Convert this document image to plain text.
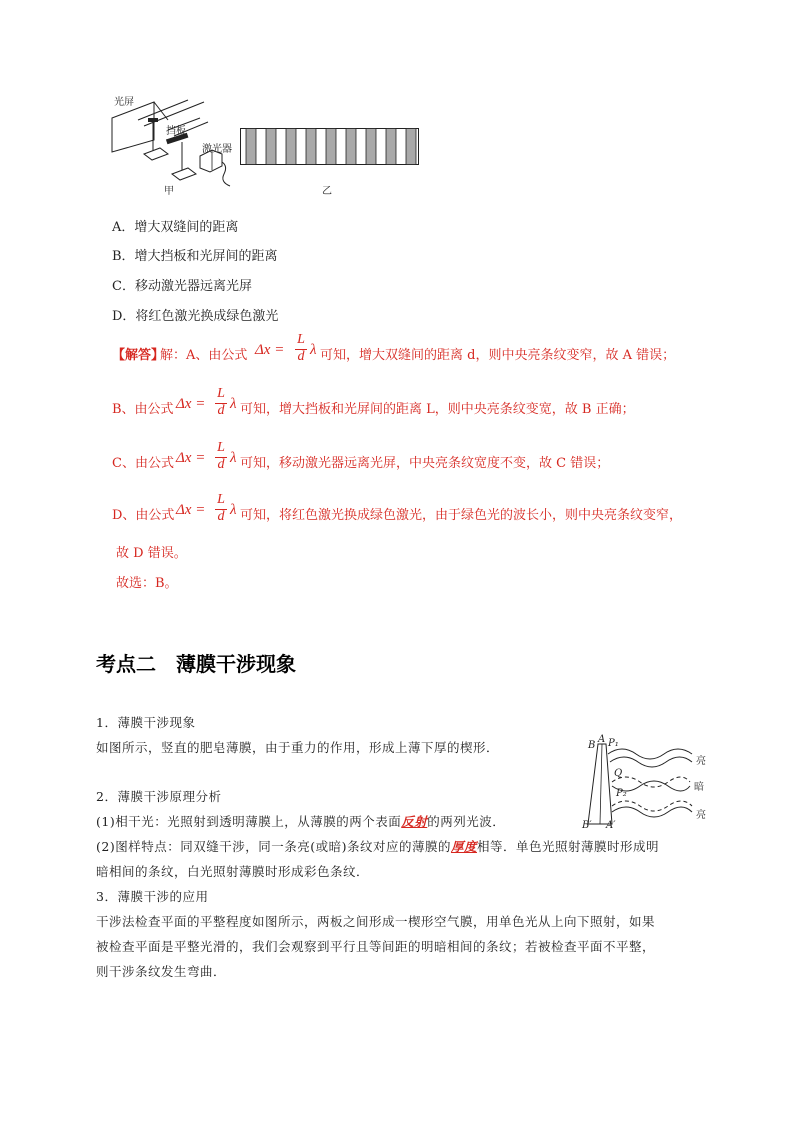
光屏
挡板
激光器
甲	乙
A．增大双缝间的距离
B．增大挡板和光屏间的距离
C．移动激光器远离光屏
D．将红色激光换成绿色激光
【解答】
解：A、由公式 Δx =
L
d λ 可知，增大双缝间的距离 d，则中央亮条纹变窄，故 A 错误；
B、由公式 Δx =
L
d λ 可知，增大挡板和光屏间的距离 L，则中央亮条纹变宽，故 B 正确；
C、由公式 Δx =
L
d λ 可知，移动激光器远离光屏，中央亮条纹宽度不变，故 C 错误；
D、由公式 Δx =
L
d λ 可知，将红色激光换成绿色激光，由于绿色光的波长小，则中央亮条纹变窄，
故 D 错误。
故选：B。
考点二　薄膜干涉现象
1．薄膜干涉现象
如图所示，竖直的肥皂薄膜，由于重力的作用，形成上薄下厚的楔形．
2．薄膜干涉原理分析
(1)相干光：光照射到透明薄膜上，从薄膜的两个表面反射的两列光波．
(2)图样特点：同双缝干涉，同一条亮(或暗)条纹对应的薄膜的厚度相等．单色光照射薄膜时形成明
暗相间的条纹，白光照射薄膜时形成彩色条纹．
3．薄膜干涉的应用
干涉法检查平面的平整程度如图所示，两板之间形成一楔形空气膜，用单色光从上向下照射，如果
被检查平面是平整光滑的，我们会观察到平行且等间距的明暗相间的条纹；若被检查平面不平整，
则干涉条纹发生弯曲．
B
A P₁
Q
P₂
B′ A′
亮
暗
亮
